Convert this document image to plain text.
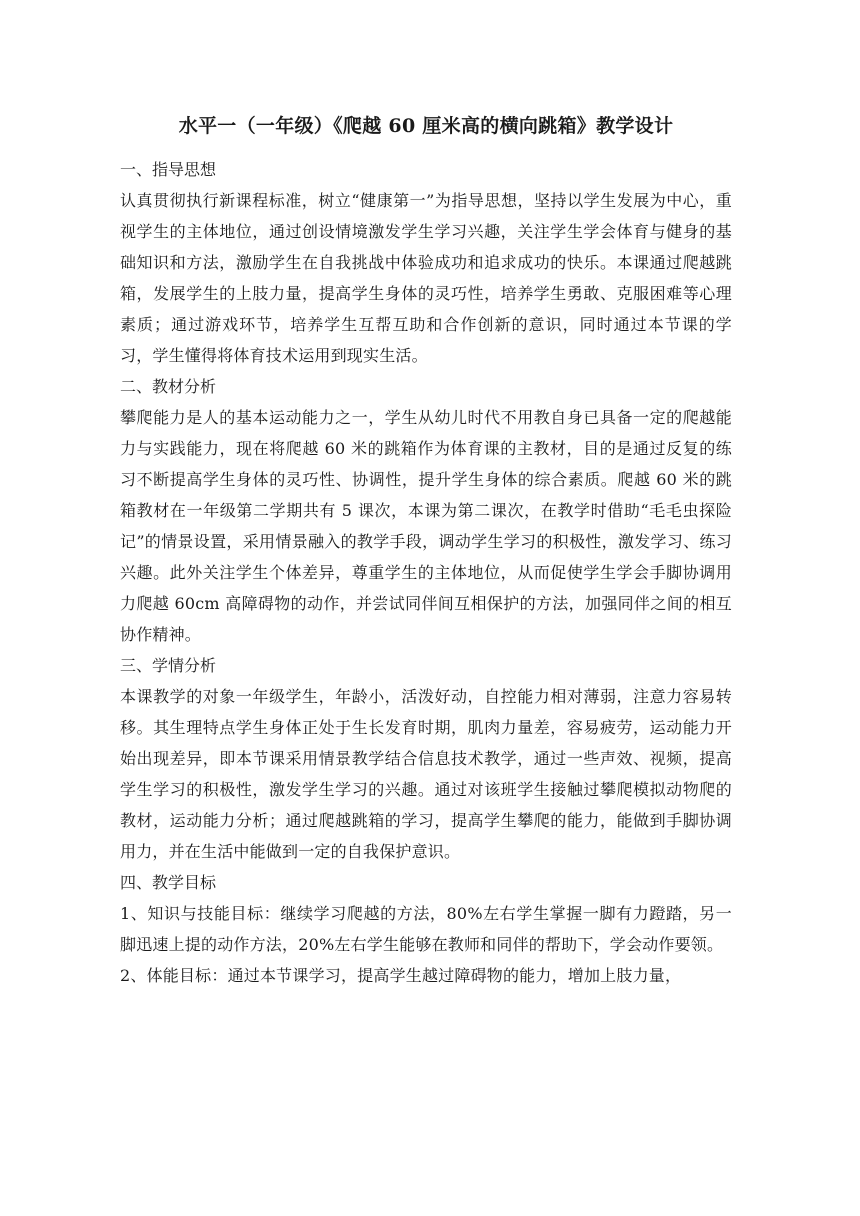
水平一（一年级）《爬越 60 厘米高的横向跳箱》教学设计

一、指导思想

认真贯彻执行新课程标准，树立“健康第一”为指导思想，坚持以学生发展为中心，重视学生的主体地位，通过创设情境激发学生学习兴趣，关注学生学会体育与健身的基础知识和方法，激励学生在自我挑战中体验成功和追求成功的快乐。本课通过爬越跳箱，发展学生的上肢力量，提高学生身体的灵巧性，培养学生勇敢、克服困难等心理素质；通过游戏环节，培养学生互帮互助和合作创新的意识，同时通过本节课的学习，学生懂得将体育技术运用到现实生活。

二、教材分析

攀爬能力是人的基本运动能力之一，学生从幼儿时代不用教自身已具备一定的爬越能力与实践能力，现在将爬越 60 米的跳箱作为体育课的主教材，目的是通过反复的练习不断提高学生身体的灵巧性、协调性，提升学生身体的综合素质。爬越 60 米的跳箱教材在一年级第二学期共有 5 课次，本课为第二课次，在教学时借助“毛毛虫探险记”的情景设置，采用情景融入的教学手段，调动学生学习的积极性，激发学习、练习兴趣。此外关注学生个体差异，尊重学生的主体地位，从而促使学生学会手脚协调用力爬越 60cm 高障碍物的动作，并尝试同伴间互相保护的方法，加强同伴之间的相互协作精神。

三、学情分析

本课教学的对象一年级学生，年龄小，活泼好动，自控能力相对薄弱，注意力容易转移。其生理特点学生身体正处于生长发育时期，肌肉力量差，容易疲劳，运动能力开始出现差异，即本节课采用情景教学结合信息技术教学，通过一些声效、视频，提高学生学习的积极性，激发学生学习的兴趣。通过对该班学生接触过攀爬模拟动物爬的教材，运动能力分析；通过爬越跳箱的学习，提高学生攀爬的能力，能做到手脚协调用力，并在生活中能做到一定的自我保护意识。

四、教学目标

1、知识与技能目标：继续学习爬越的方法，80%左右学生掌握一脚有力蹬踏，另一脚迅速上提的动作方法，20%左右学生能够在教师和同伴的帮助下，学会动作要领。

2、体能目标：通过本节课学习，提高学生越过障碍物的能力，增加上肢力量，
